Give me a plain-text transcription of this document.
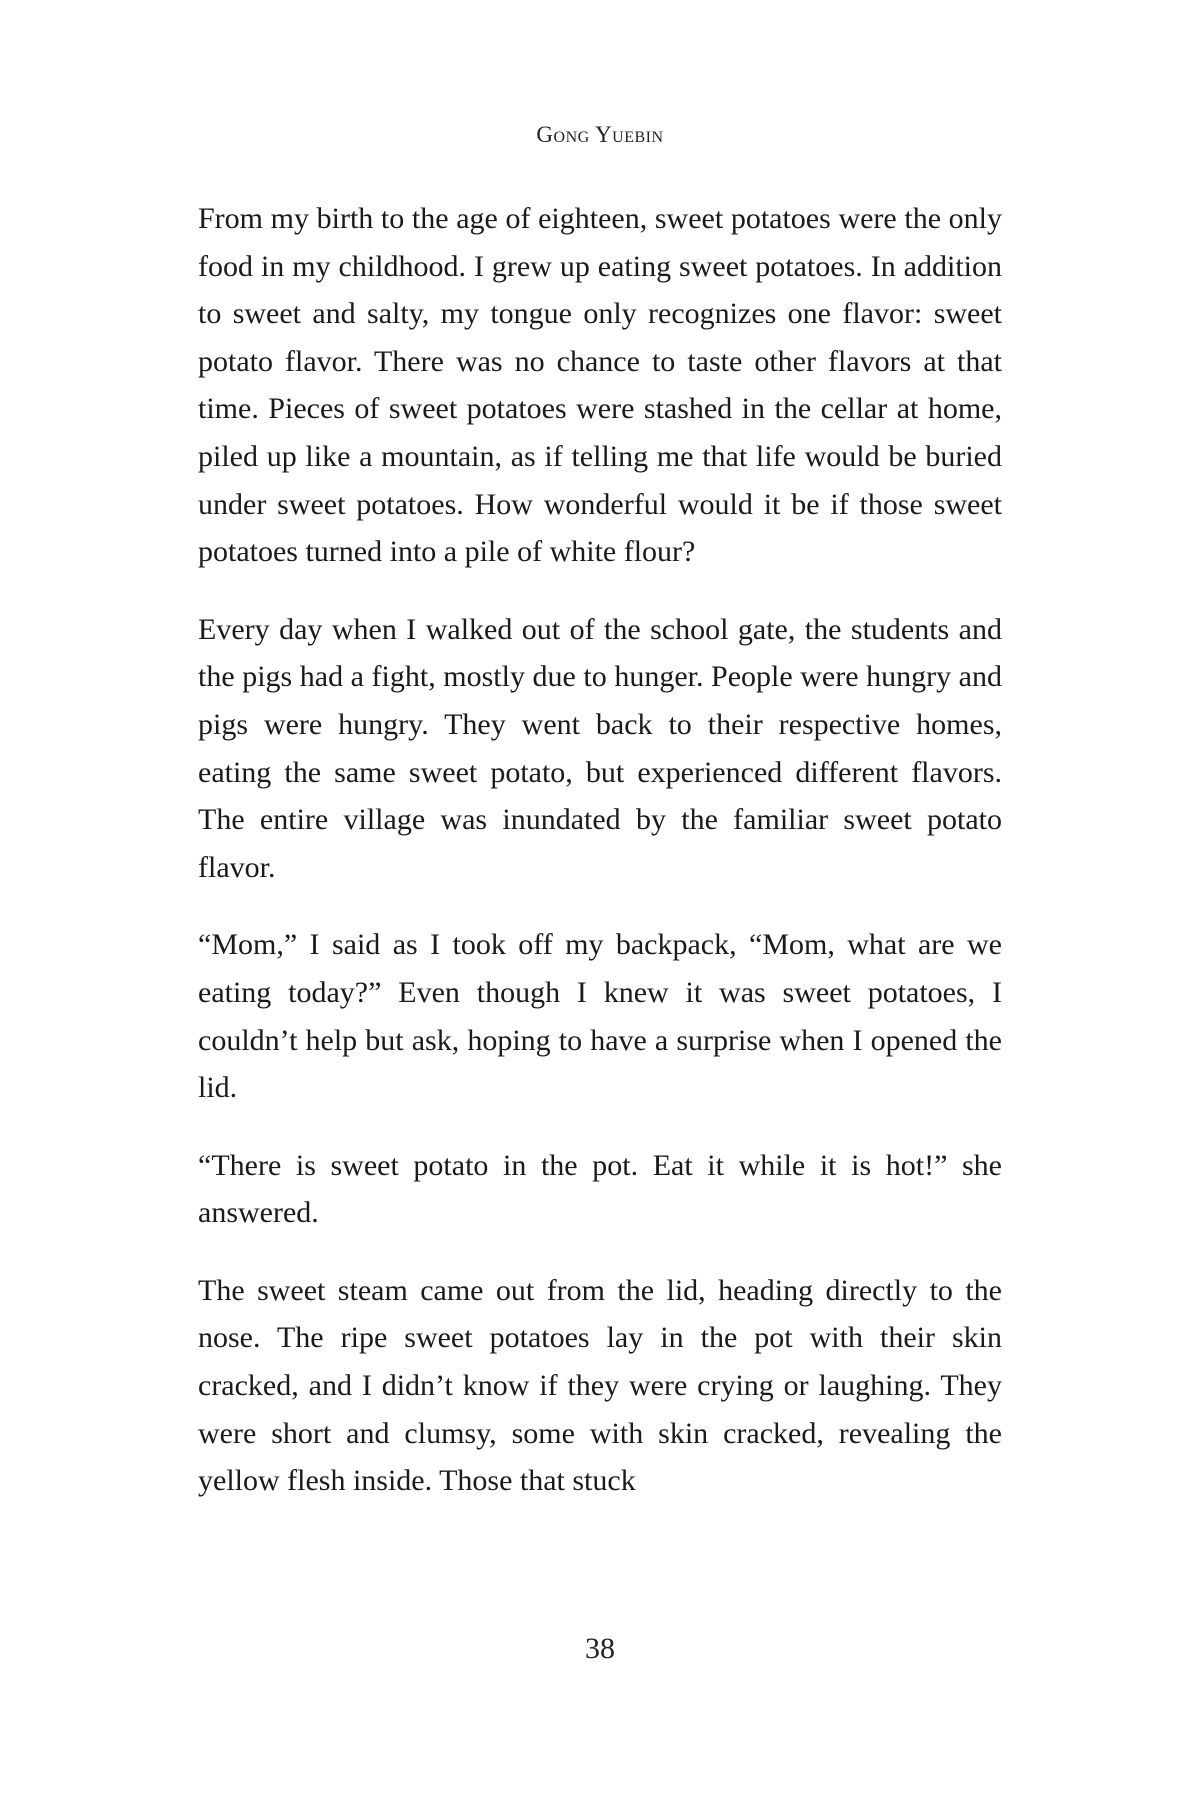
Gong Yuebin

From my birth to the age of eighteen, sweet potatoes were the only food in my childhood. I grew up eating sweet potatoes. In addition to sweet and salty, my tongue only recognizes one flavor: sweet potato flavor. There was no chance to taste other flavors at that time. Pieces of sweet potatoes were stashed in the cellar at home, piled up like a mountain, as if telling me that life would be buried under sweet potatoes. How wonderful would it be if those sweet potatoes turned into a pile of white flour?

Every day when I walked out of the school gate, the students and the pigs had a fight, mostly due to hunger. People were hungry and pigs were hungry. They went back to their respective homes, eating the same sweet potato, but experienced different flavors. The entire village was inundated by the familiar sweet potato flavor.

“Mom,” I said as I took off my backpack, “Mom, what are we eating today?” Even though I knew it was sweet potatoes, I couldn’t help but ask, hoping to have a surprise when I opened the lid.

“There is sweet potato in the pot. Eat it while it is hot!” she answered.

The sweet steam came out from the lid, heading directly to the nose. The ripe sweet potatoes lay in the pot with their skin cracked, and I didn’t know if they were crying or laughing. They were short and clumsy, some with skin cracked, revealing the yellow flesh inside. Those that stuck

38
